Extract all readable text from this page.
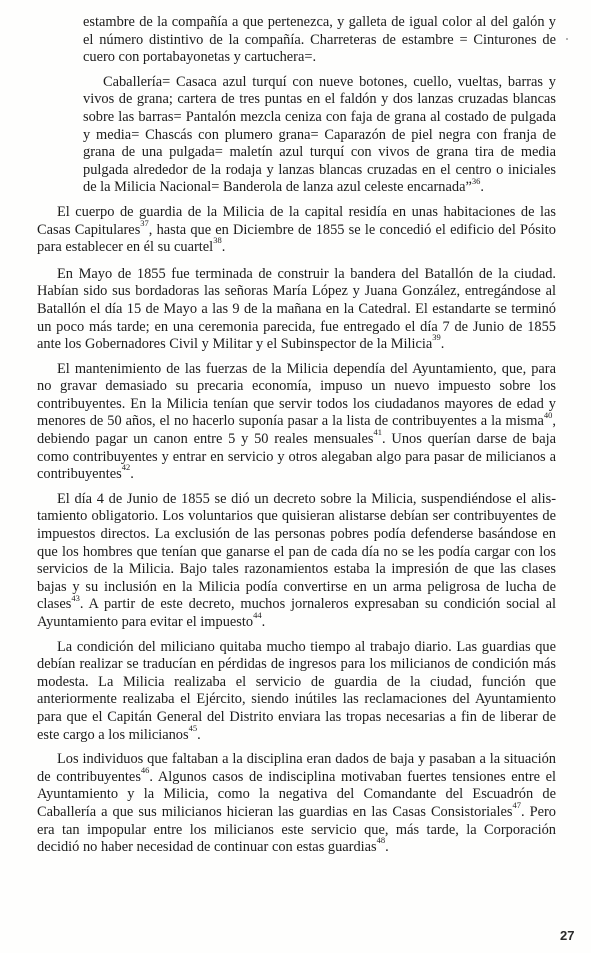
estambre de la compañía a que pertenezca, y galleta de igual color al del galón y el número distintivo de la compañía. Charreteras de estambre = Cinturones de cuero con portabayonetas y cartuchera=.

Caballería= Casaca azul turquí con nueve botones, cuello, vueltas, barras y vivos de grana; cartera de tres puntas en el faldón y dos lanzas cruzadas blancas sobre las barras= Pantalón mezcla ceniza con faja de grana al costado de pulgada y media= Chascás con plumero grana= Caparazón de piel negra con franja de grana de una pulgada= maletín azul turquí con vivos de grana tira de media pulgada alrededor de la rodaja y lanzas blancas cruzadas en el centro o iniciales de la Milicia Nacional= Banderola de lanza azul celeste encarnada”$^{36}$.

El cuerpo de guardia de la Milicia de la capital residía en unas habitaciones de las Casas Capitulares$^{37}$, hasta que en Diciembre de 1855 se le concedió el edificio del Pósito para establecer en él su cuartel$^{38}$.

En Mayo de 1855 fue terminada de construir la bandera del Batallón de la ciudad. Habían sido sus bordadoras las señoras María López y Juana González, entregándose al Batallón el día 15 de Mayo a las 9 de la mañana en la Catedral. El estandarte se terminó un poco más tarde; en una ceremonia parecida, fue entregado el día 7 de Junio de 1855 ante los Gobernadores Civil y Militar y el Subinspector de la Milicia$^{39}$.

El mantenimiento de las fuerzas de la Milicia dependía del Ayuntamiento, que, para no gravar demasiado su precaria economía, impuso un nuevo impuesto sobre los contribuyentes. En la Milicia tenían que servir todos los ciudadanos mayores de edad y menores de 50 años, el no hacerlo suponía pasar a la lista de contribuyentes a la misma$^{40}$, debiendo pagar un canon entre 5 y 50 reales mensuales$^{41}$. Unos querían darse de baja como contribuyentes y entrar en servicio y otros alegaban algo para pasar de milicianos a contribuyentes$^{42}$.

El día 4 de Junio de 1855 se dió un decreto sobre la Milicia, suspendiéndose el alistamiento obligatorio. Los voluntarios que quisieran alistarse debían ser contribuyentes de impuestos directos. La exclusión de las personas pobres podía defenderse basándose en que los hombres que tenían que ganarse el pan de cada día no se les podía cargar con los servicios de la Milicia. Bajo tales razonamientos estaba la impresión de que las clases bajas y su inclusión en la Milicia podía convertirse en un arma peligrosa de lucha de clases$^{43}$. A partir de este decreto, muchos jornaleros expresaban su condición social al Ayuntamiento para evitar el impuesto$^{44}$.

La condición del miliciano quitaba mucho tiempo al trabajo diario. Las guardias que debían realizar se traducían en pérdidas de ingresos para los milicianos de condición más modesta. La Milicia realizaba el servicio de guardia de la ciudad, función que anteriormente realizaba el Ejército, siendo inútiles las reclamaciones del Ayuntamiento para que el Capitán General del Distrito enviara las tropas necesarias a fin de liberar de este cargo a los milicianos$^{45}$.

Los individuos que faltaban a la disciplina eran dados de baja y pasaban a la situación de contribuyentes$^{46}$. Algunos casos de indisciplina motivaban fuertes tensiones entre el Ayuntamiento y la Milicia, como la negativa del Comandante del Escuadrón de Caballería a que sus milicianos hicieran las guardias en las Casas Consistoriales$^{47}$. Pero era tan impopular entre los milicianos este servicio que, más tarde, la Corporación decidió no haber necesidad de continuar con estas guardias$^{48}$.

27
